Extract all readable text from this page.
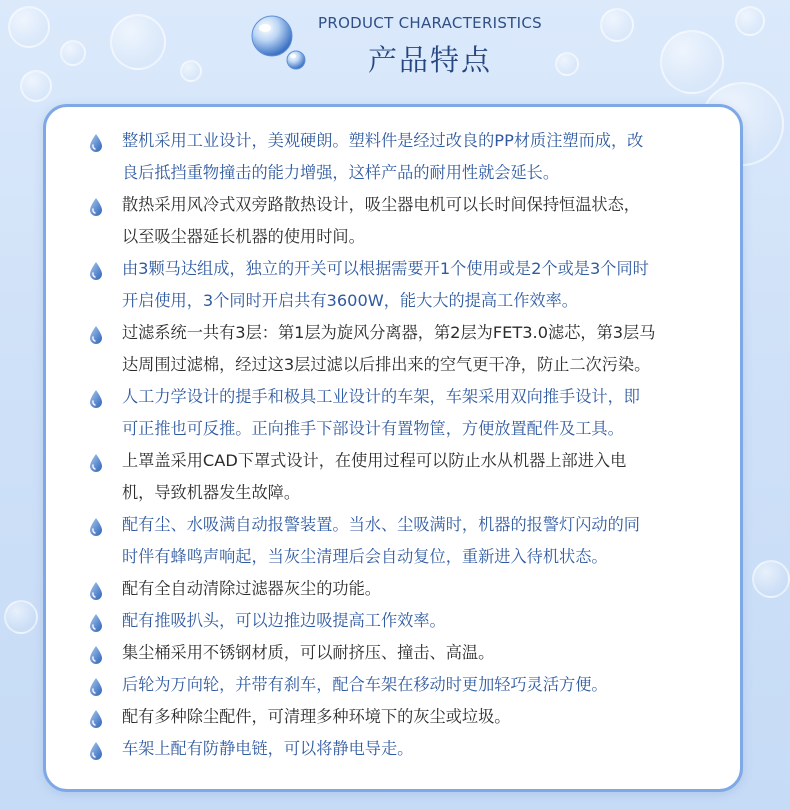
PRODUCT CHARACTERISTICS
产品特点
整机采用工业设计，美观硬朗。塑料件是经过改良的PP材质注塑而成，改
良后抵挡重物撞击的能力增强，这样产品的耐用性就会延长。
散热采用风冷式双旁路散热设计，吸尘器电机可以长时间保持恒温状态，
以至吸尘器延长机器的使用时间。
由3颗马达组成，独立的开关可以根据需要开1个使用或是2个或是3个同时
开启使用，3个同时开启共有3600W，能大大的提高工作效率。
过滤系统一共有3层：第1层为旋风分离器，第2层为FET3.0滤芯，第3层马
达周围过滤棉，经过这3层过滤以后排出来的空气更干净，防止二次污染。
人工力学设计的提手和极具工业设计的车架，车架采用双向推手设计，即
可正推也可反推。正向推手下部设计有置物筐，方便放置配件及工具。
上罩盖采用CAD下罩式设计，在使用过程可以防止水从机器上部进入电
机，导致机器发生故障。
配有尘、水吸满自动报警装置。当水、尘吸满时，机器的报警灯闪动的同
时伴有蜂鸣声响起，当灰尘清理后会自动复位，重新进入待机状态。
配有全自动清除过滤器灰尘的功能。
配有推吸扒头，可以边推边吸提高工作效率。
集尘桶采用不锈钢材质，可以耐挤压、撞击、高温。
后轮为万向轮，并带有刹车，配合车架在移动时更加轻巧灵活方便。
配有多种除尘配件，可清理多种环境下的灰尘或垃圾。
车架上配有防静电链，可以将静电导走。
